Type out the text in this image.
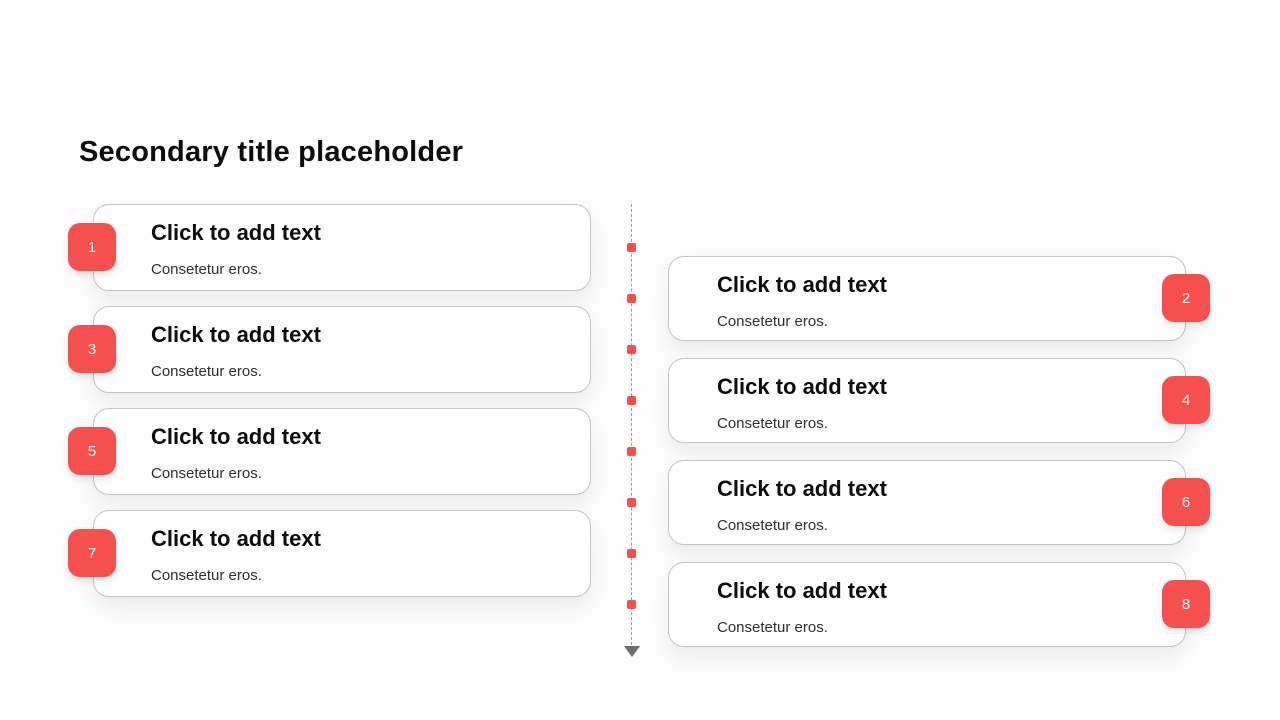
Secondary title placeholder
Click to add text
Consetetur eros.
1
Click to add text
Consetetur eros.
2
Click to add text
Consetetur eros.
3
Click to add text
Consetetur eros.
4
Click to add text
Consetetur eros.
5
Click to add text
Consetetur eros.
6
Click to add text
Consetetur eros.
7
Click to add text
Consetetur eros.
8
